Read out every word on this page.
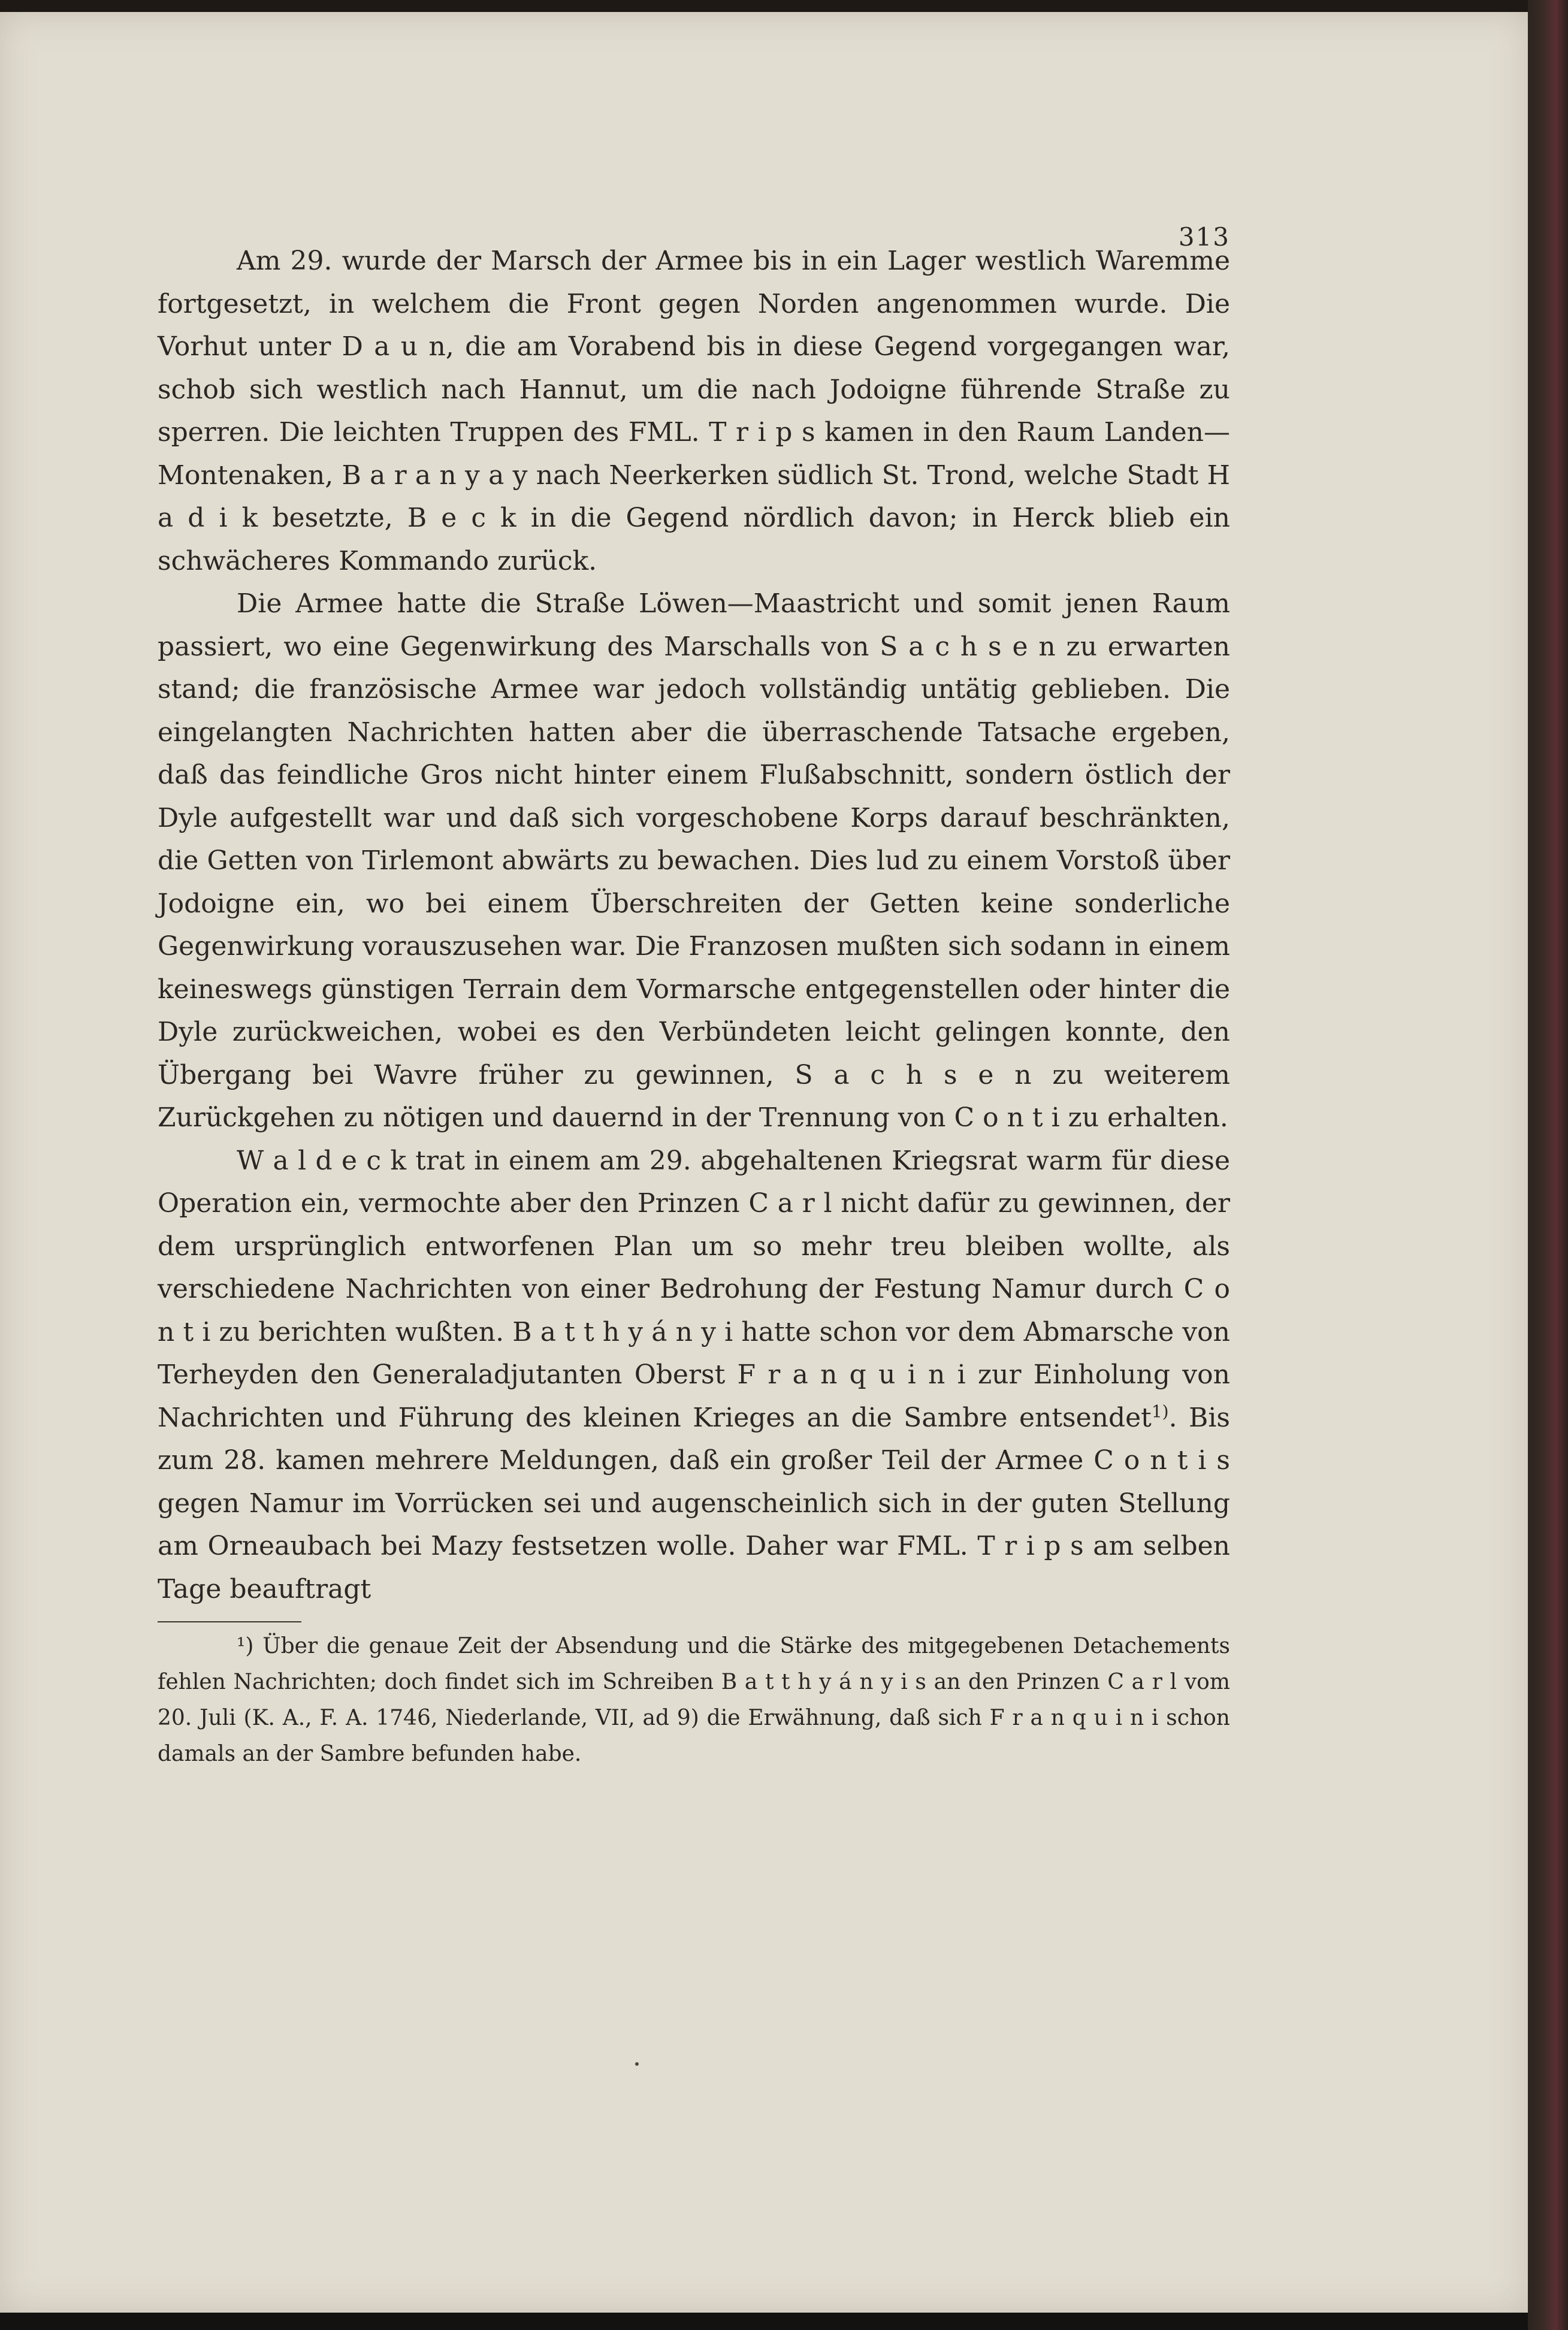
313

Am 29. wurde der Marsch der Armee bis in ein Lager westlich Waremme fortgesetzt, in welchem die Front gegen Norden angenommen wurde. Die Vorhut unter D a u n, die am Vorabend bis in diese Gegend vorgegangen war, schob sich westlich nach Hannut, um die nach Jodoigne führende Straße zu sperren. Die leichten Truppen des FML. T r i p s kamen in den Raum Landen—Montenaken, B a r a n y a y nach Neerkerken südlich St. Trond, welche Stadt H a d i k besetzte, B e c k in die Gegend nördlich davon; in Herck blieb ein schwächeres Kommando zurück.

Die Armee hatte die Straße Löwen—Maastricht und somit jenen Raum passiert, wo eine Gegenwirkung des Marschalls von S a c h s e n zu erwarten stand; die französische Armee war jedoch vollständig untätig geblieben. Die eingelangten Nachrichten hatten aber die überraschende Tatsache ergeben, daß das feindliche Gros nicht hinter einem Flußabschnitt, sondern östlich der Dyle aufgestellt war und daß sich vorgeschobene Korps darauf beschränkten, die Getten von Tirlemont abwärts zu bewachen. Dies lud zu einem Vorstoß über Jodoigne ein, wo bei einem Überschreiten der Getten keine sonderliche Gegenwirkung vorauszusehen war. Die Franzosen mußten sich sodann in einem keineswegs günstigen Terrain dem Vormarsche entgegenstellen oder hinter die Dyle zurückweichen, wobei es den Verbündeten leicht gelingen konnte, den Übergang bei Wavre früher zu gewinnen, S a c h s e n zu weiterem Zurückgehen zu nötigen und dauernd in der Trennung von C o n t i zu erhalten.

W a l d e c k trat in einem am 29. abgehaltenen Kriegsrat warm für diese Operation ein, vermochte aber den Prinzen C a r l nicht dafür zu gewinnen, der dem ursprünglich entworfenen Plan um so mehr treu bleiben wollte, als verschiedene Nachrichten von einer Bedrohung der Festung Namur durch C o n t i zu berichten wußten. B a t t h y á n y i hatte schon vor dem Abmarsche von Terheyden den Generaladjutanten Oberst F r a n q u i n i zur Einholung von Nachrichten und Führung des kleinen Krieges an die Sambre entsendet$^{1)}$. Bis zum 28. kamen mehrere Meldungen, daß ein großer Teil der Armee C o n t i s gegen Namur im Vorrücken sei und augenscheinlich sich in der guten Stellung am Orneaubach bei Mazy festsetzen wolle. Daher war FML. T r i p s am selben Tage beauftragt

¹) Über die genaue Zeit der Absendung und die Stärke des mitgegebenen Detachements fehlen Nachrichten; doch findet sich im Schreiben B a t t h y á n y i s an den Prinzen C a r l vom 20. Juli (K. A., F. A. 1746, Niederlande, VII, ad 9) die Erwähnung, daß sich F r a n q u i n i schon damals an der Sambre befunden habe.
